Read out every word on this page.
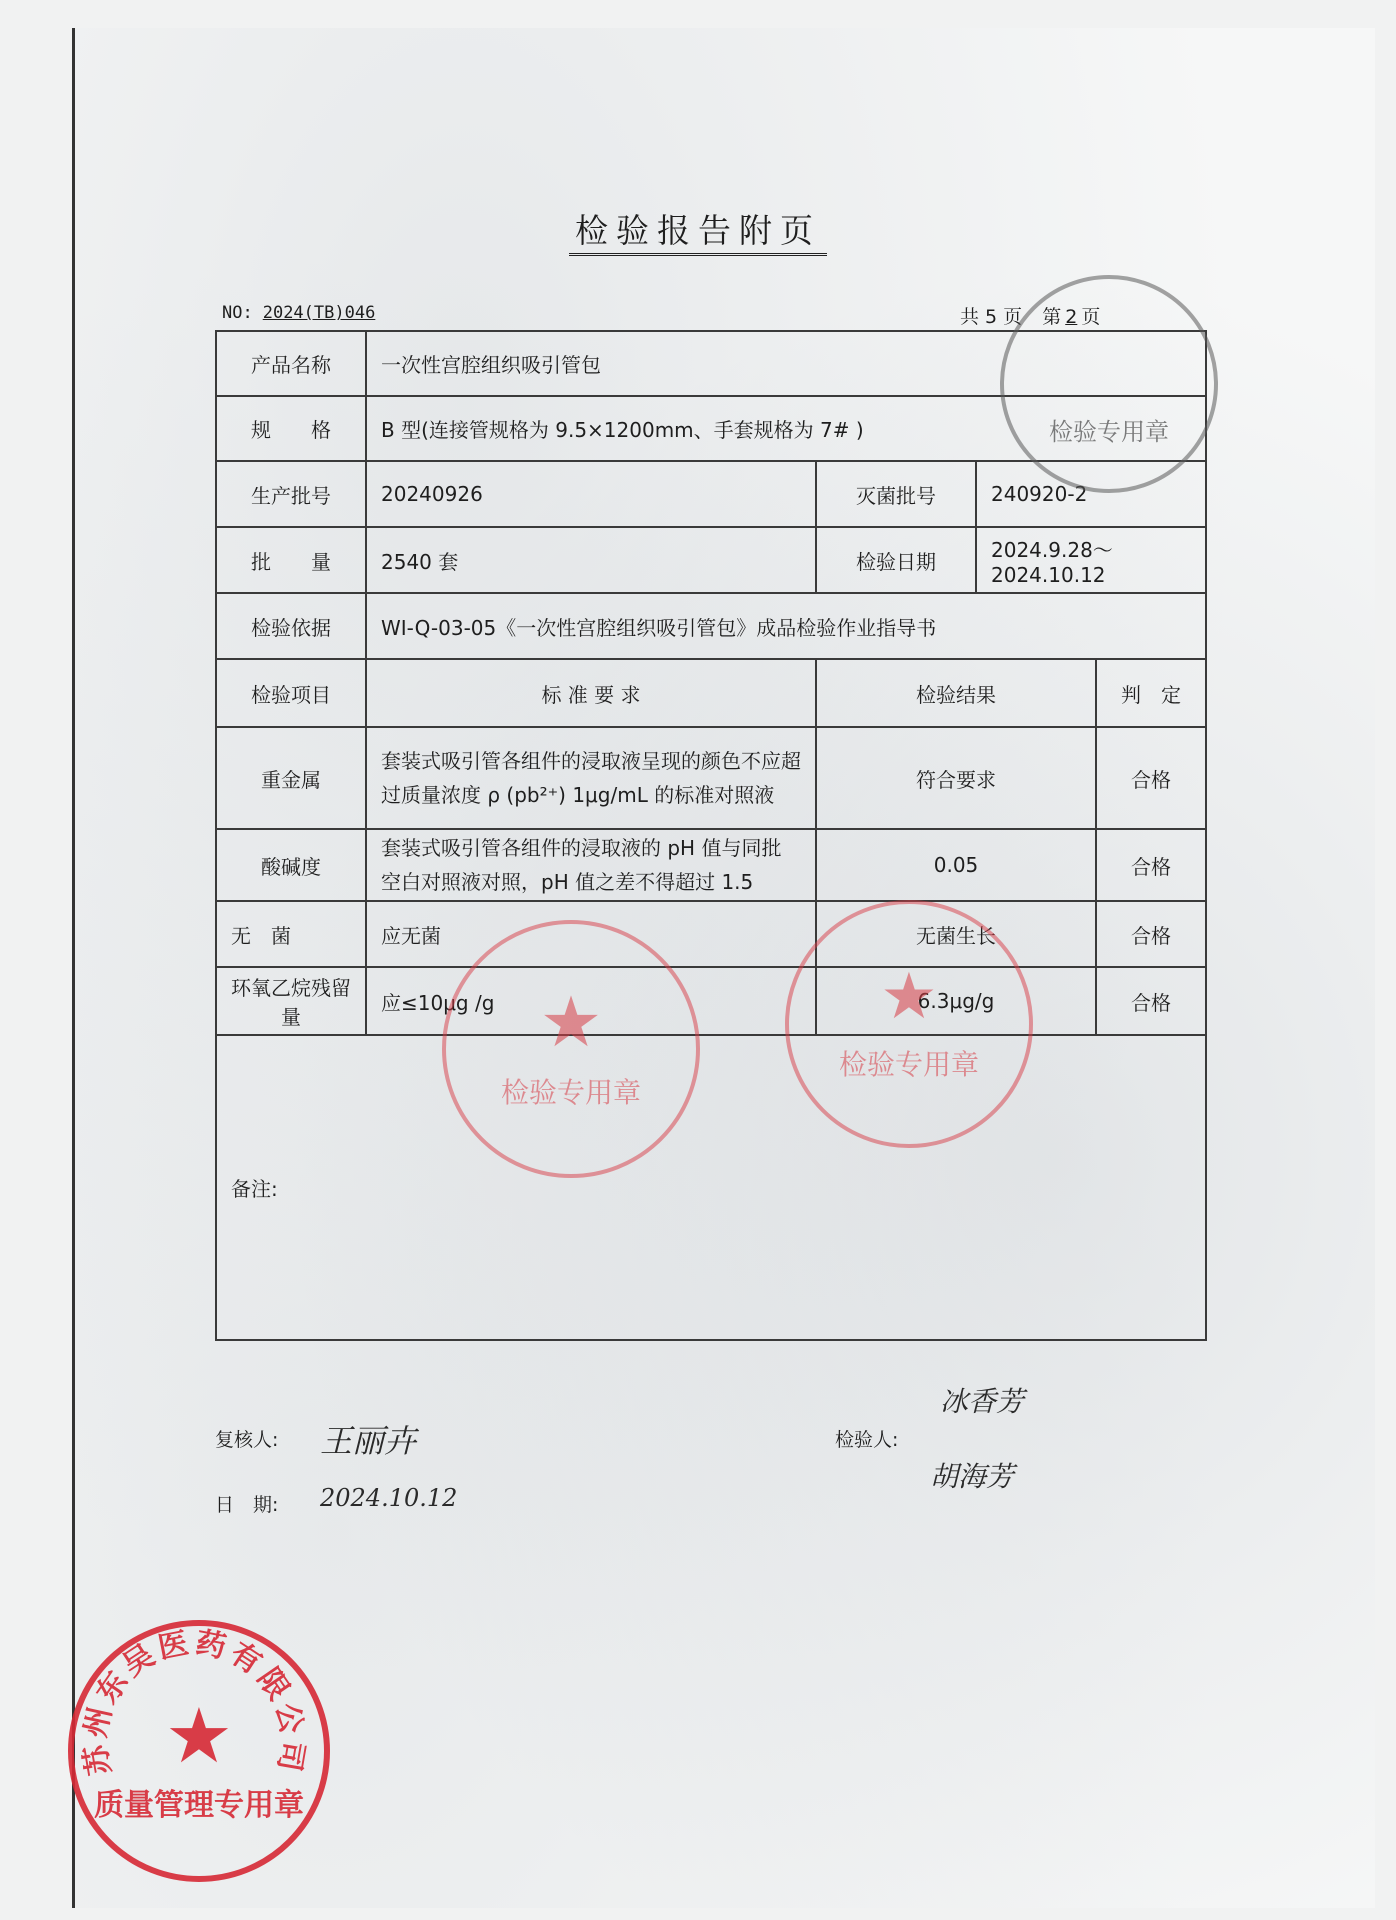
检验报告附页
NO: 2024(TB)046	共 5 页 第 2 页
产品名称	一次性宫腔组织吸引管包			
规　　格	B 型(连接管规格为 9.5×1200mm、手套规格为 7# )			
生产批号	20240926	灭菌批号	240920-2	
批　　量	2540 套	检验日期	2024.9.28～ 2024.10.12	
检验依据	WI-Q-03-05《一次性宫腔组织吸引管包》成品检验作业指导书			
检验项目	标 准 要 求	检验结果		判　定
重金属	套装式吸引管各组件的浸取液呈现的颜色不应超过质量浓度 ρ (pb²⁺) 1μg/mL 的标准对照液	符合要求		合格
酸碱度	套装式吸引管各组件的浸取液的 pH 值与同批空白对照液对照，pH 值之差不得超过 1.5	0.05		合格
无　菌	应无菌	无菌生长		合格
环氧乙烷残留量	应≤10μg /g	6.3μg/g		合格
备注:				
★
检验专用章
★
检验专用章
检验专用章
复核人: 王丽卉
日　期: 2024.10.12
检验人:
冰香芳
胡海芳
苏州东吴医药有限公司
★
质量管理专用章
